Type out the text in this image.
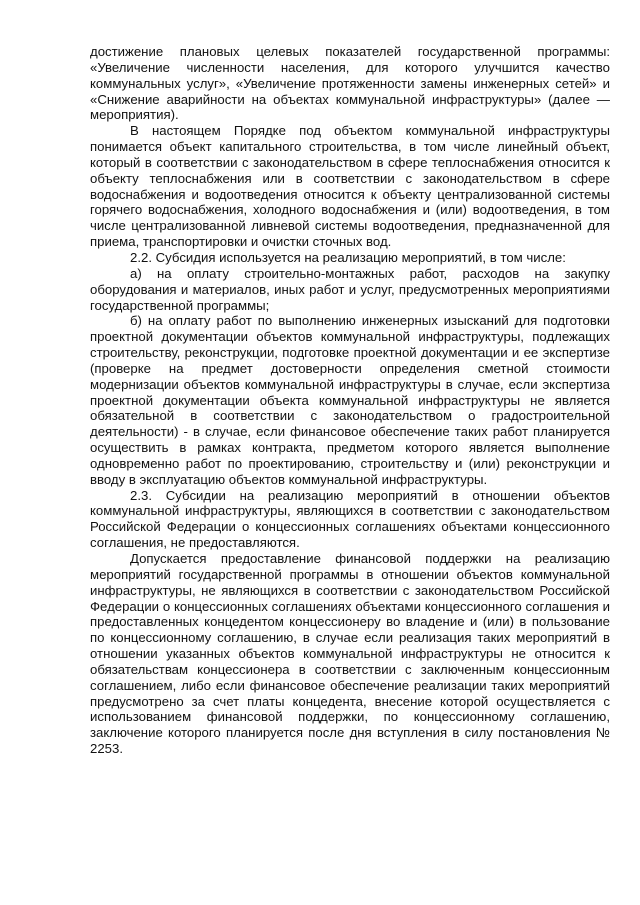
достижение плановых целевых показателей государственной программы: «Увеличение численности населения, для которого улучшится качество коммунальных услуг», «Увеличение протяженности замены инженерных сетей» и «Снижение аварийности на объектах коммунальной инфраструктуры» (далее — мероприятия).

В настоящем Порядке под объектом коммунальной инфраструктуры понимается объект капитального строительства, в том числе линейный объект, который в соответствии с законодательством в сфере теплоснабжения относится к объекту теплоснабжения или в соответствии с законодательством в сфере водоснабжения и водоотведения относится к объекту централизованной системы горячего водоснабжения, холодного водоснабжения и (или) водоотведения, в том числе централизованной ливневой системы водоотведения, предназначенной для приема, транспортировки и очистки сточных вод.

2.2. Субсидия используется на реализацию мероприятий, в том числе:

а) на оплату строительно-монтажных работ, расходов на закупку оборудования и материалов, иных работ и услуг, предусмотренных мероприятиями государственной программы;

б) на оплату работ по выполнению инженерных изысканий для подготовки проектной документации объектов коммунальной инфраструктуры, подлежащих строительству, реконструкции, подготовке проектной документации и ее экспертизе (проверке на предмет достоверности определения сметной стоимости модернизации объектов коммунальной инфраструктуры в случае, если экспертиза проектной документации объекта коммунальной инфраструктуры не является обязательной в соответствии с законодательством о градостроительной деятельности) - в случае, если финансовое обеспечение таких работ планируется осуществить в рамках контракта, предметом которого является выполнение одновременно работ по проектированию, строительству и (или) реконструкции и вводу в эксплуатацию объектов коммунальной инфраструктуры.

2.3. Субсидии на реализацию мероприятий в отношении объектов коммунальной инфраструктуры, являющихся в соответствии с законодательством Российской Федерации о концессионных соглашениях объектами концессионного соглашения, не предоставляются.

Допускается предоставление финансовой поддержки на реализацию мероприятий государственной программы в отношении объектов коммунальной инфраструктуры, не являющихся в соответствии с законодательством Российской Федерации о концессионных соглашениях объектами концессионного соглашения и предоставленных концедентом концессионеру во владение и (или) в пользование по концессионному соглашению, в случае если реализация таких мероприятий в отношении указанных объектов коммунальной инфраструктуры не относится к обязательствам концессионера в соответствии с заключенным концессионным соглашением, либо если финансовое обеспечение реализации таких мероприятий предусмотрено за счет платы концедента, внесение которой осуществляется с использованием финансовой поддержки, по концессионному соглашению, заключение которого планируется после дня вступления в силу постановления № 2253.
